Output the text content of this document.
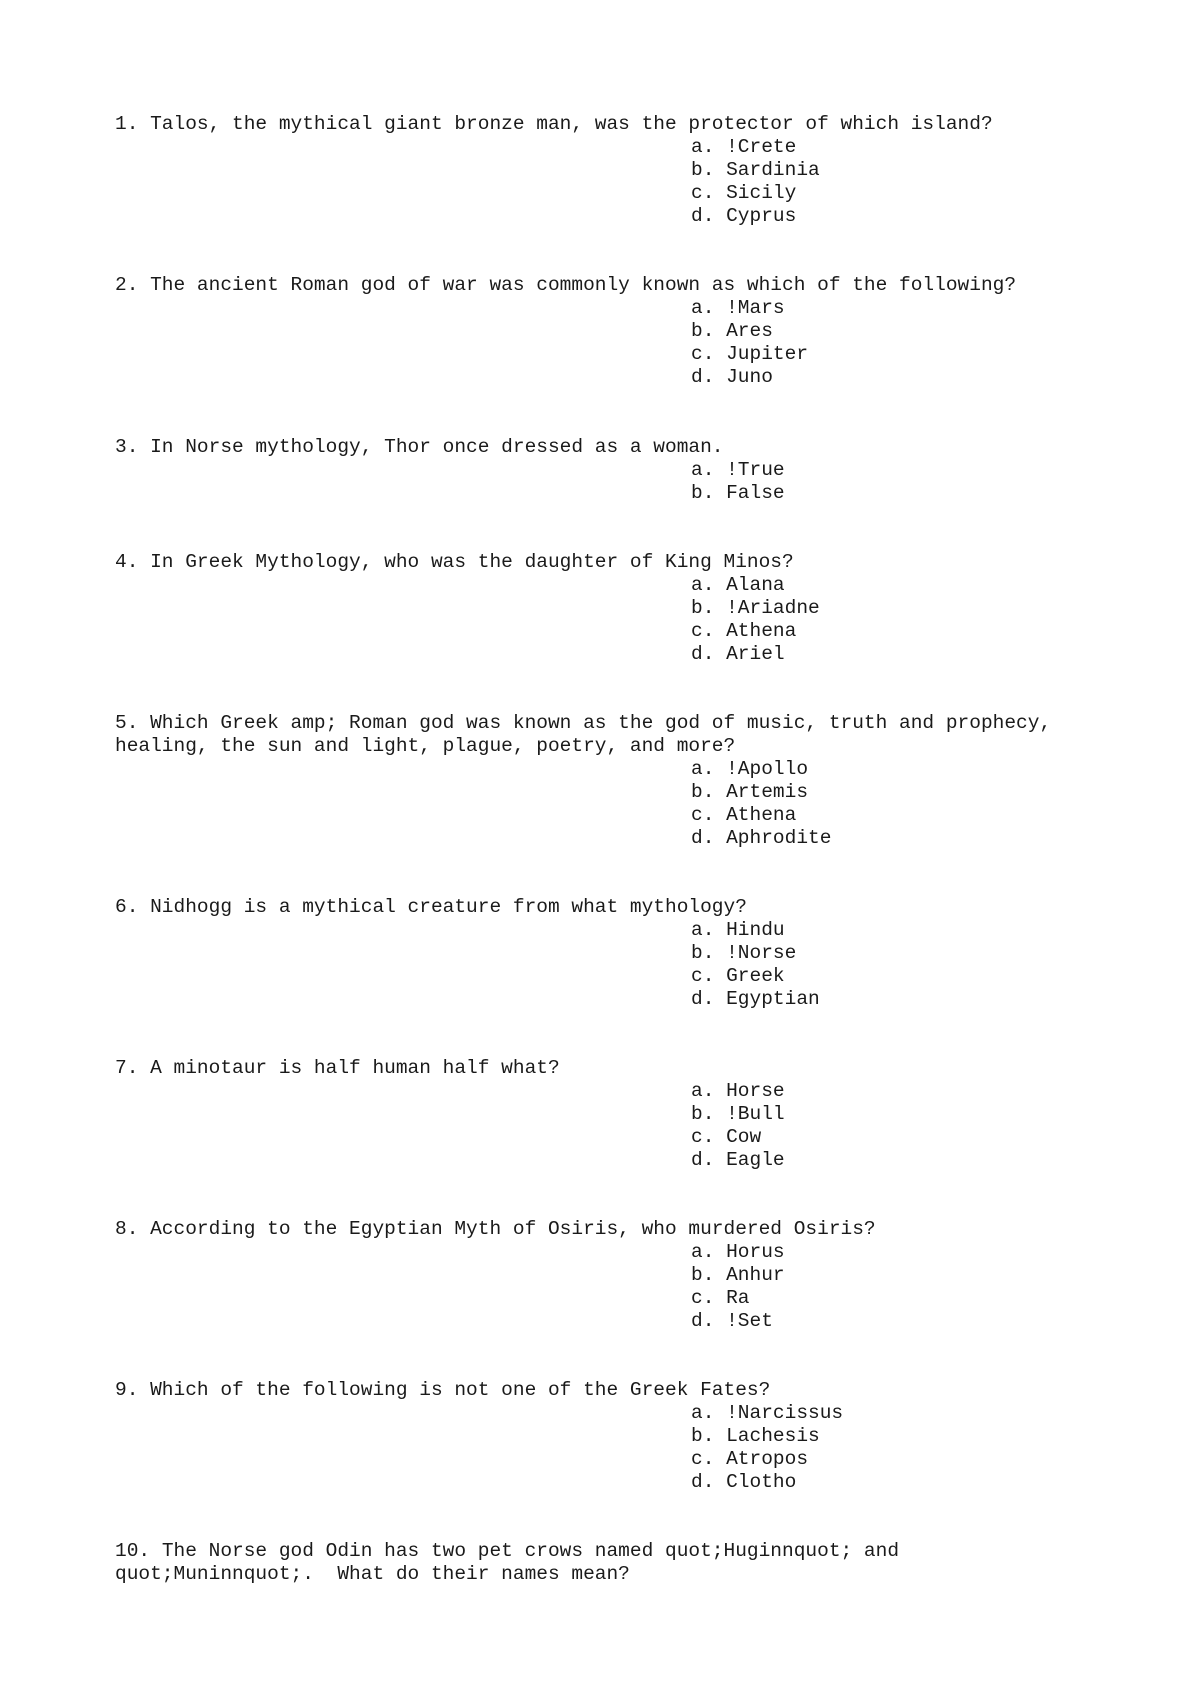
1. Talos, the mythical giant bronze man, was the protector of which island?
a. !Crete
b. Sardinia
c. Sicily
d. Cyprus
2. The ancient Roman god of war was commonly known as which of the following?
a. !Mars
b. Ares
c. Jupiter
d. Juno
3. In Norse mythology, Thor once dressed as a woman.
a. !True
b. False
4. In Greek Mythology, who was the daughter of King Minos?
a. Alana
b. !Ariadne
c. Athena
d. Ariel
5. Which Greek amp; Roman god was known as the god of music, truth and prophecy,
healing, the sun and light, plague, poetry, and more?
a. !Apollo
b. Artemis
c. Athena
d. Aphrodite
6. Nidhogg is a mythical creature from what mythology?
a. Hindu
b. !Norse
c. Greek
d. Egyptian
7. A minotaur is half human half what?
a. Horse
b. !Bull
c. Cow
d. Eagle
8. According to the Egyptian Myth of Osiris, who murdered Osiris?
a. Horus
b. Anhur
c. Ra
d. !Set
9. Which of the following is not one of the Greek Fates?
a. !Narcissus
b. Lachesis
c. Atropos
d. Clotho
10. The Norse god Odin has two pet crows named quot;Huginnquot; and
quot;Muninnquot;.  What do their names mean?
